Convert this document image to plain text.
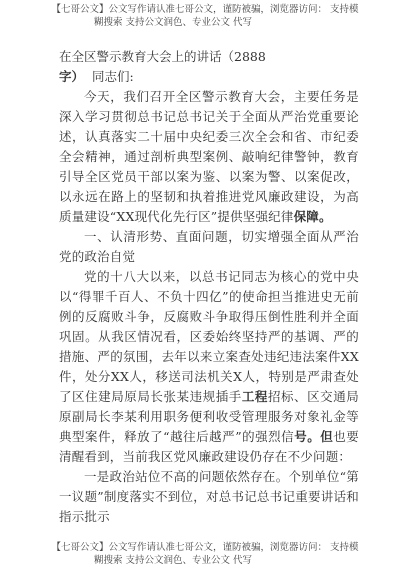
【七哥公文】公文写作请认准七哥公文，谨防被骗，浏览器访问： 支持模
糊搜索 支持公文润色、专业公文 代写

在全区警示教育大会上的讲话（2888
字） 同志们:

今天，我们召开全区警示教育大会，主要任务是深入学习贯彻总书记总书记关于全面从严治党重要论述，认真落实二十届中央纪委三次全会和省、市纪委全会精神，通过剖析典型案例、敲响纪律警钟，教育引导全区党员干部以案为鉴、以案为警、以案促改，以永远在路上的坚韧和执着推进党风廉政建设，为高质量建设“XX现代化先行区”提供坚强纪律保障。

一、认清形势、直面问题，切实增强全面从严治党的政治自觉

党的十八大以来，以总书记同志为核心的党中央以“得罪千百人、不负十四亿”的使命担当推进史无前例的反腐败斗争，反腐败斗争取得压倒性胜利并全面巩固。从我区情况看，区委始终坚持严的基调、严的措施、严的氛围，去年以来立案查处违纪违法案件XX件，处分XX人，移送司法机关X人，特别是严肃查处了区住建局原局长张某违规插手工程招标、区交通局原副局长李某利用职务便利收受管理服务对象礼金等典型案件，释放了“越往后越严”的强烈信号。但也要清醒看到，当前我区党风廉政建设仍存在不少问题：

一是政治站位不高的问题依然存在。个别单位“第一议题”制度落实不到位，对总书记总书记重要讲话和指示批示

【七哥公文】公文写作请认准七哥公文，谨防被骗，浏览器访问： 支持模
糊搜索 支持公文润色、专业公文 代写
